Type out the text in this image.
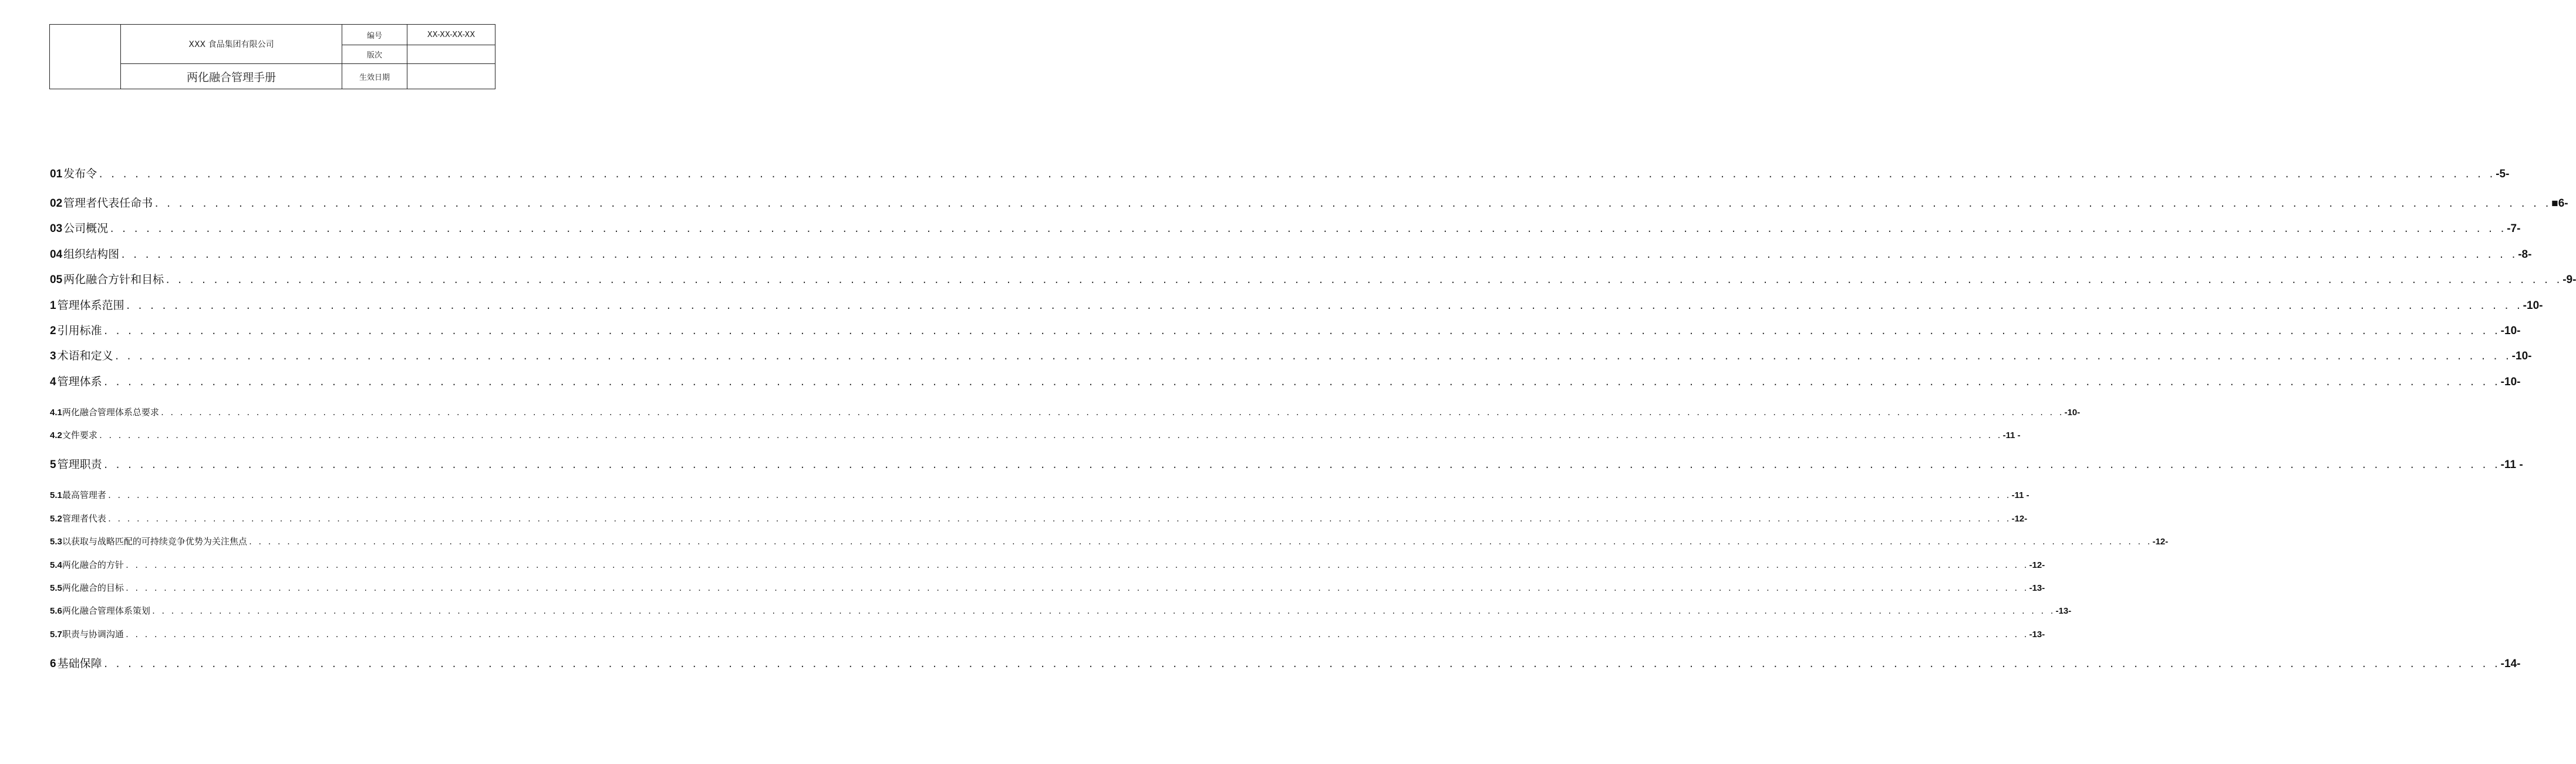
	XXX 食品集团有限公司	编号	XX-XX-XX-XX
		版次	
	两化融合管理手册	生效日期	
01 发布令 . . . . . . . . . . . . . . . . . . . . . . . . . . . . . . . . . . . . . . . . . . . . . . . . . . . . . . . . . . . . . . . . . . . . . . . . . . . . . . . . . . . . . . . . . . . . . . . . . . . . . . . . . . . . . . . . . . . . . . . . . . . . . . . . . . . . . . . . . . . . . . . . . . . . . . . . . . . . . . . . . . . . . . . . . . . . . . . . . . . . . . . . . . . . . . . . . . . . . . . . -5-
02 管理者代表任命书 . . . . . . . . . . . . . . . . . . . . . . . . . . . . . . . . . . . . . . . . . . . . . . . . . . . . . . . . . . . . . . . . . . . . . . . . . . . . . . . . . . . . . . . . . . . . . . . . . . . . . . . . . . . . . . . . . . . . . . . . . . . . . . . . . . . . . . . . . . . . . . . . . . . . . . . . . . . . . . . . . . . . . . . . . . . . . . . . . . . . . . . . . . . . . . . . . . . . . . . . ■6-
03 公司概况 . . . . . . . . . . . . . . . . . . . . . . . . . . . . . . . . . . . . . . . . . . . . . . . . . . . . . . . . . . . . . . . . . . . . . . . . . . . . . . . . . . . . . . . . . . . . . . . . . . . . . . . . . . . . . . . . . . . . . . . . . . . . . . . . . . . . . . . . . . . . . . . . . . . . . . . . . . . . . . . . . . . . . . . . . . . . . . . . . . . . . . . . . . . . . . . . . . . . . . . . -7-
04 组织结构图 . . . . . . . . . . . . . . . . . . . . . . . . . . . . . . . . . . . . . . . . . . . . . . . . . . . . . . . . . . . . . . . . . . . . . . . . . . . . . . . . . . . . . . . . . . . . . . . . . . . . . . . . . . . . . . . . . . . . . . . . . . . . . . . . . . . . . . . . . . . . . . . . . . . . . . . . . . . . . . . . . . . . . . . . . . . . . . . . . . . . . . . . . . . . . . . . . . . . . . . . -8-
05 两化融合方针和目标 . . . . . . . . . . . . . . . . . . . . . . . . . . . . . . . . . . . . . . . . . . . . . . . . . . . . . . . . . . . . . . . . . . . . . . . . . . . . . . . . . . . . . . . . . . . . . . . . . . . . . . . . . . . . . . . . . . . . . . . . . . . . . . . . . . . . . . . . . . . . . . . . . . . . . . . . . . . . . . . . . . . . . . . . . . . . . . . . . . . . . . . . . . . . . . . . . . . . . . . . -9-
1 管理体系范围 . . . . . . . . . . . . . . . . . . . . . . . . . . . . . . . . . . . . . . . . . . . . . . . . . . . . . . . . . . . . . . . . . . . . . . . . . . . . . . . . . . . . . . . . . . . . . . . . . . . . . . . . . . . . . . . . . . . . . . . . . . . . . . . . . . . . . . . . . . . . . . . . . . . . . . . . . . . . . . . . . . . . . . . . . . . . . . . . . . . . . . . . . . . . . . . . . . . . . . . . -10-
2 引用标准 . . . . . . . . . . . . . . . . . . . . . . . . . . . . . . . . . . . . . . . . . . . . . . . . . . . . . . . . . . . . . . . . . . . . . . . . . . . . . . . . . . . . . . . . . . . . . . . . . . . . . . . . . . . . . . . . . . . . . . . . . . . . . . . . . . . . . . . . . . . . . . . . . . . . . . . . . . . . . . . . . . . . . . . . . . . . . . . . . . . . . . . . . . . . . . . . . . . . . . . . -10-
3 术语和定义 . . . . . . . . . . . . . . . . . . . . . . . . . . . . . . . . . . . . . . . . . . . . . . . . . . . . . . . . . . . . . . . . . . . . . . . . . . . . . . . . . . . . . . . . . . . . . . . . . . . . . . . . . . . . . . . . . . . . . . . . . . . . . . . . . . . . . . . . . . . . . . . . . . . . . . . . . . . . . . . . . . . . . . . . . . . . . . . . . . . . . . . . . . . . . . . . . . . . . . . . -10-
4 管理体系 . . . . . . . . . . . . . . . . . . . . . . . . . . . . . . . . . . . . . . . . . . . . . . . . . . . . . . . . . . . . . . . . . . . . . . . . . . . . . . . . . . . . . . . . . . . . . . . . . . . . . . . . . . . . . . . . . . . . . . . . . . . . . . . . . . . . . . . . . . . . . . . . . . . . . . . . . . . . . . . . . . . . . . . . . . . . . . . . . . . . . . . . . . . . . . . . . . . . . . . . -10-
4.1 两化融合管理体系总要求 . . . . . . . . . . . . . . . . . . . . . . . . . . . . . . . . . . . . . . . . . . . . . . . . . . . . . . . . . . . . . . . . . . . . . . . . . . . . . . . . . . . . . . . . . . . . . . . . . . . . . . . . . . . . . . . . . . . . . . . . . . . . . . . . . . . . . . . . . . . . . . . . . . . . . . . . . . . . . . . . . . . . . . . . . . . . . . . . . . . . . . . . . . . . . . . . . . . . . . . . -10-
4.2 文件要求 . . . . . . . . . . . . . . . . . . . . . . . . . . . . . . . . . . . . . . . . . . . . . . . . . . . . . . . . . . . . . . . . . . . . . . . . . . . . . . . . . . . . . . . . . . . . . . . . . . . . . . . . . . . . . . . . . . . . . . . . . . . . . . . . . . . . . . . . . . . . . . . . . . . . . . . . . . . . . . . . . . . . . . . . . . . . . . . . . . . . . . . . . . . . . . . . . . . . . . . . -11 -
5 管理职责 . . . . . . . . . . . . . . . . . . . . . . . . . . . . . . . . . . . . . . . . . . . . . . . . . . . . . . . . . . . . . . . . . . . . . . . . . . . . . . . . . . . . . . . . . . . . . . . . . . . . . . . . . . . . . . . . . . . . . . . . . . . . . . . . . . . . . . . . . . . . . . . . . . . . . . . . . . . . . . . . . . . . . . . . . . . . . . . . . . . . . . . . . . . . . . . . . . . . . . . . -11 -
5.1 最高管理者 . . . . . . . . . . . . . . . . . . . . . . . . . . . . . . . . . . . . . . . . . . . . . . . . . . . . . . . . . . . . . . . . . . . . . . . . . . . . . . . . . . . . . . . . . . . . . . . . . . . . . . . . . . . . . . . . . . . . . . . . . . . . . . . . . . . . . . . . . . . . . . . . . . . . . . . . . . . . . . . . . . . . . . . . . . . . . . . . . . . . . . . . . . . . . . . . . . . . . . . . -11 -
5.2 管理者代表 . . . . . . . . . . . . . . . . . . . . . . . . . . . . . . . . . . . . . . . . . . . . . . . . . . . . . . . . . . . . . . . . . . . . . . . . . . . . . . . . . . . . . . . . . . . . . . . . . . . . . . . . . . . . . . . . . . . . . . . . . . . . . . . . . . . . . . . . . . . . . . . . . . . . . . . . . . . . . . . . . . . . . . . . . . . . . . . . . . . . . . . . . . . . . . . . . . . . . . . . -12-
5.3 以获取与战略匹配的可持续竞争优势为关注焦点 . . . . . . . . . . . . . . . . . . . . . . . . . . . . . . . . . . . . . . . . . . . . . . . . . . . . . . . . . . . . . . . . . . . . . . . . . . . . . . . . . . . . . . . . . . . . . . . . . . . . . . . . . . . . . . . . . . . . . . . . . . . . . . . . . . . . . . . . . . . . . . . . . . . . . . . . . . . . . . . . . . . . . . . . . . . . . . . . . . . . . . . . . . . . . . . . . . . . . . . . -12-
5.4 两化融合的方针 . . . . . . . . . . . . . . . . . . . . . . . . . . . . . . . . . . . . . . . . . . . . . . . . . . . . . . . . . . . . . . . . . . . . . . . . . . . . . . . . . . . . . . . . . . . . . . . . . . . . . . . . . . . . . . . . . . . . . . . . . . . . . . . . . . . . . . . . . . . . . . . . . . . . . . . . . . . . . . . . . . . . . . . . . . . . . . . . . . . . . . . . . . . . . . . . . . . . . . . . -12-
5.5 两化融合的目标 . . . . . . . . . . . . . . . . . . . . . . . . . . . . . . . . . . . . . . . . . . . . . . . . . . . . . . . . . . . . . . . . . . . . . . . . . . . . . . . . . . . . . . . . . . . . . . . . . . . . . . . . . . . . . . . . . . . . . . . . . . . . . . . . . . . . . . . . . . . . . . . . . . . . . . . . . . . . . . . . . . . . . . . . . . . . . . . . . . . . . . . . . . . . . . . . . . . . . . . . -13-
5.6 两化融合管理体系策划 . . . . . . . . . . . . . . . . . . . . . . . . . . . . . . . . . . . . . . . . . . . . . . . . . . . . . . . . . . . . . . . . . . . . . . . . . . . . . . . . . . . . . . . . . . . . . . . . . . . . . . . . . . . . . . . . . . . . . . . . . . . . . . . . . . . . . . . . . . . . . . . . . . . . . . . . . . . . . . . . . . . . . . . . . . . . . . . . . . . . . . . . . . . . . . . . . . . . . . . . -13-
5.7 职责与协调沟通 . . . . . . . . . . . . . . . . . . . . . . . . . . . . . . . . . . . . . . . . . . . . . . . . . . . . . . . . . . . . . . . . . . . . . . . . . . . . . . . . . . . . . . . . . . . . . . . . . . . . . . . . . . . . . . . . . . . . . . . . . . . . . . . . . . . . . . . . . . . . . . . . . . . . . . . . . . . . . . . . . . . . . . . . . . . . . . . . . . . . . . . . . . . . . . . . . . . . . . . . -13-
6 基础保障 . . . . . . . . . . . . . . . . . . . . . . . . . . . . . . . . . . . . . . . . . . . . . . . . . . . . . . . . . . . . . . . . . . . . . . . . . . . . . . . . . . . . . . . . . . . . . . . . . . . . . . . . . . . . . . . . . . . . . . . . . . . . . . . . . . . . . . . . . . . . . . . . . . . . . . . . . . . . . . . . . . . . . . . . . . . . . . . . . . . . . . . . . . . . . . . . . . . . . . . . -14-
